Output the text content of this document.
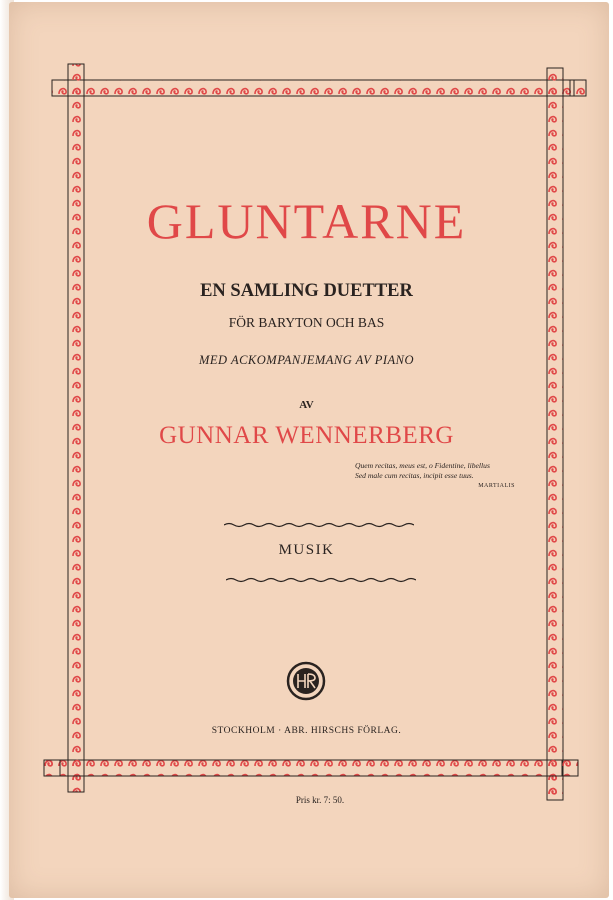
GLUNTARNE

EN SAMLING DUETTER

FÖR BARYTON OCH BAS

MED ACKOMPANJEMANG AV PIANO

AV

GUNNAR WENNERBERG

Quem recitas, meus est, o Fidentine, libellus
Sed male cum recitas, incipit esse tuus.
MARTIALIS

MUSIK

STOCKHOLM · ABR. HIRSCHS FÖRLAG.

Pris kr. 7: 50.
